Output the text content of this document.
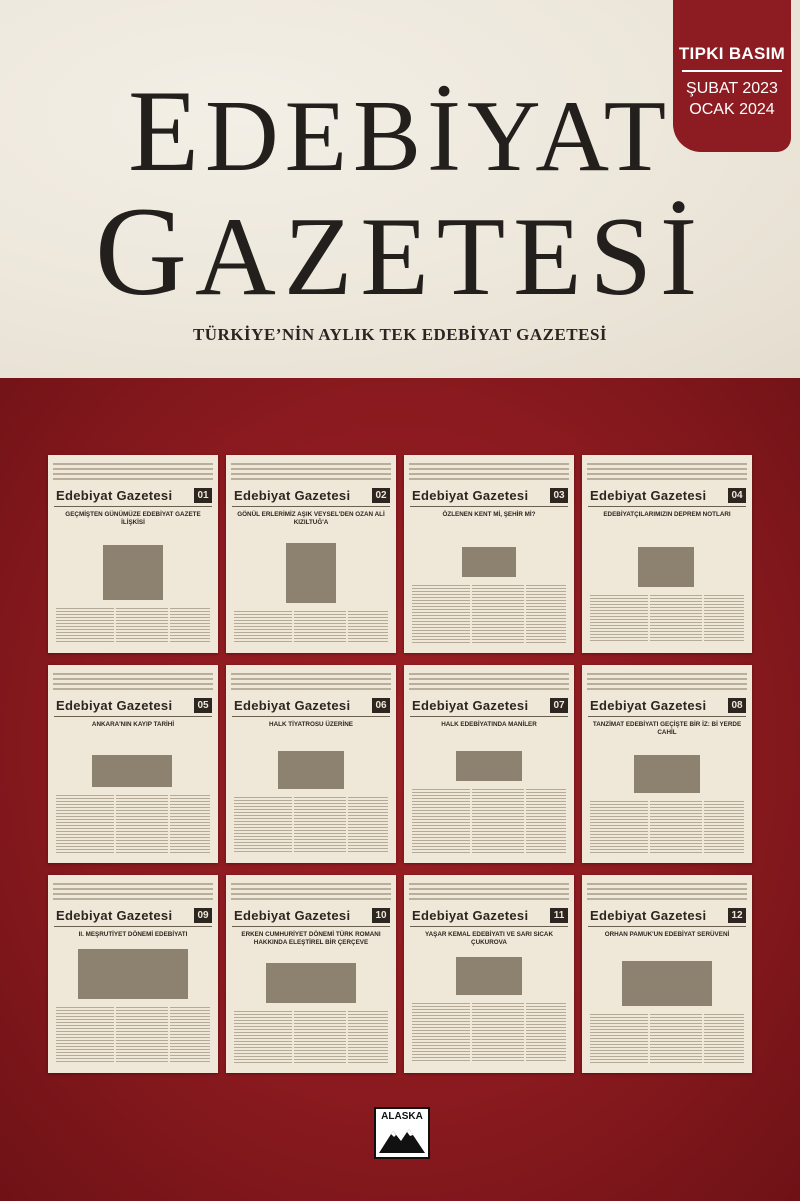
EDEBİYAT
GAZETESİ
TÜRKİYE’NİN AYLIK TEK EDEBİYAT GAZETESİ
TIPKI BASIM
ŞUBAT 2023
OCAK 2024
Edebiyat Gazetesi	01
GEÇMİŞTEN GÜNÜMÜZE EDEBİYAT GAZETE İLİŞKİSİ
Edebiyat Gazetesi	02
GÖNÜL ERLERİMİZ AŞIK VEYSEL'DEN OZAN ALİ KIZILTUĞ'A
Edebiyat Gazetesi	03
ÖZLENEN KENT Mİ, ŞEHİR Mİ?
Edebiyat Gazetesi	04
EDEBİYATÇILARIMIZIN DEPREM NOTLARI
Edebiyat Gazetesi	05
ANKARA'NIN KAYIP TARİHİ
Edebiyat Gazetesi	06
HALK TİYATROSU ÜZERİNE
Edebiyat Gazetesi	07
HALK EDEBİYATINDA MANİLER
Edebiyat Gazetesi	08
TANZİMAT EDEBİYATI GEÇİŞTE BİR İZ: Bİ YERDE CAHİL
Edebiyat Gazetesi	09
II. MEŞRUTİYET DÖNEMİ EDEBİYATI
Edebiyat Gazetesi	10
ERKEN CUMHURİYET DÖNEMİ TÜRK ROMANI HAKKINDA ELEŞTİREL BİR ÇERÇEVE
Edebiyat Gazetesi	11
YAŞAR KEMAL EDEBİYATI VE SARI SICAK ÇUKUROVA
Edebiyat Gazetesi	12
ORHAN PAMUK'UN EDEBİYAT SERÜVENİ
ALASKA
